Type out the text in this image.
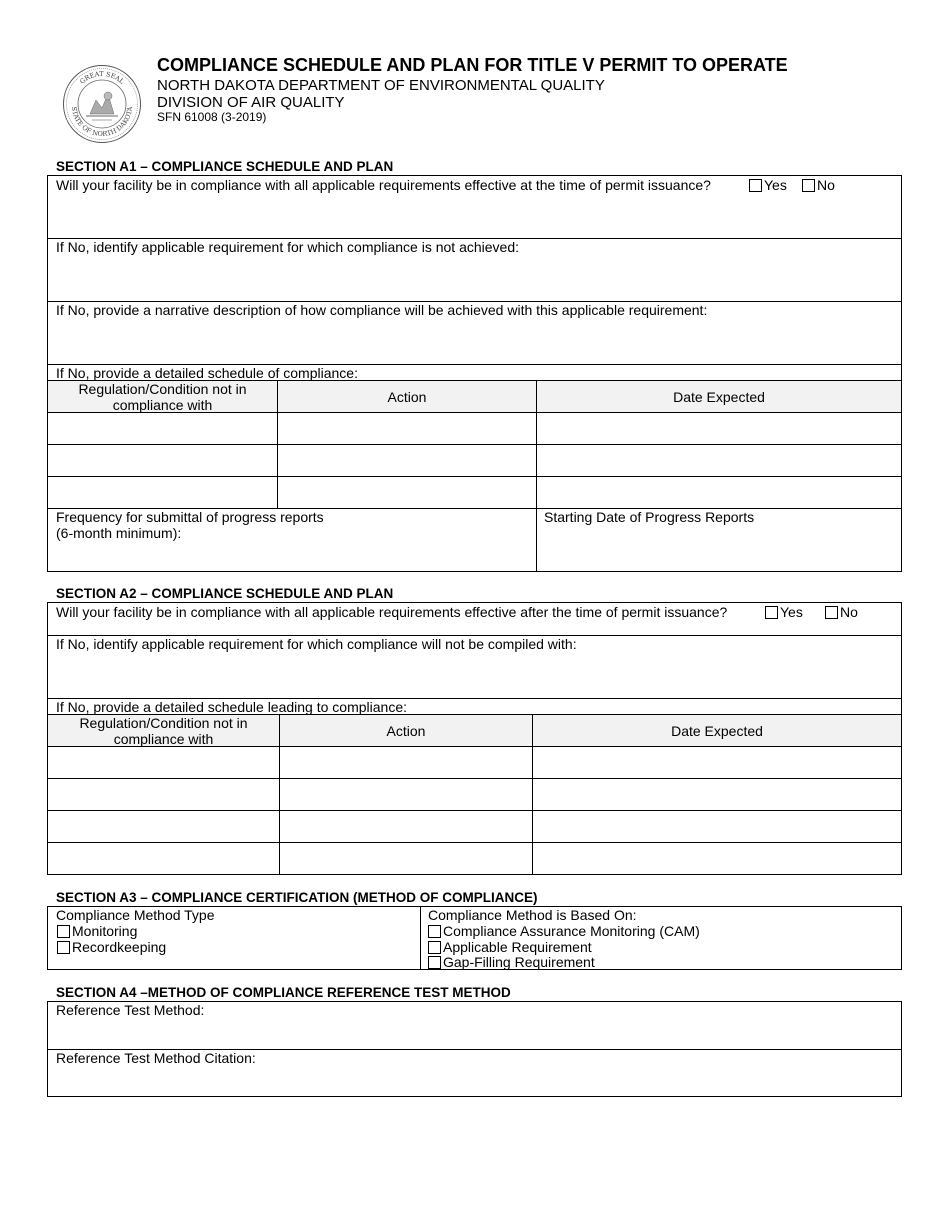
GREAT SEAL
STATE OF NORTH DAKOTA
COMPLIANCE SCHEDULE AND PLAN FOR TITLE V PERMIT TO OPERATE
NORTH DAKOTA DEPARTMENT OF ENVIRONMENTAL QUALITY
DIVISION OF AIR QUALITY
SFN 61008 (3-2019)
SECTION A1 – COMPLIANCE SCHEDULE AND PLAN
Will your facility be in compliance with all applicable requirements effective at the time of permit issuance?	Yes	No
If No, identify applicable requirement for which compliance is not achieved:
If No, provide a narrative description of how compliance will be achieved with this applicable requirement:
If No, provide a detailed schedule of compliance:
Regulation/Condition not in compliance with	Action	Date Expected
Frequency for submittal of progress reports
(6-month minimum):
Starting Date of Progress Reports
SECTION A2 – COMPLIANCE SCHEDULE AND PLAN
Will your facility be in compliance with all applicable requirements effective after the time of permit issuance?	Yes	No
If No, identify applicable requirement for which compliance will not be compiled with:
If No, provide a detailed schedule leading to compliance:
Regulation/Condition not in compliance with	Action	Date Expected
SECTION A3 – COMPLIANCE CERTIFICATION (METHOD OF COMPLIANCE)
Compliance Method Type
Monitoring
Recordkeeping
Compliance Method is Based On:
Compliance Assurance Monitoring (CAM)
Applicable Requirement
Gap-Filling Requirement
SECTION A4 –METHOD OF COMPLIANCE REFERENCE TEST METHOD
Reference Test Method:
Reference Test Method Citation:
